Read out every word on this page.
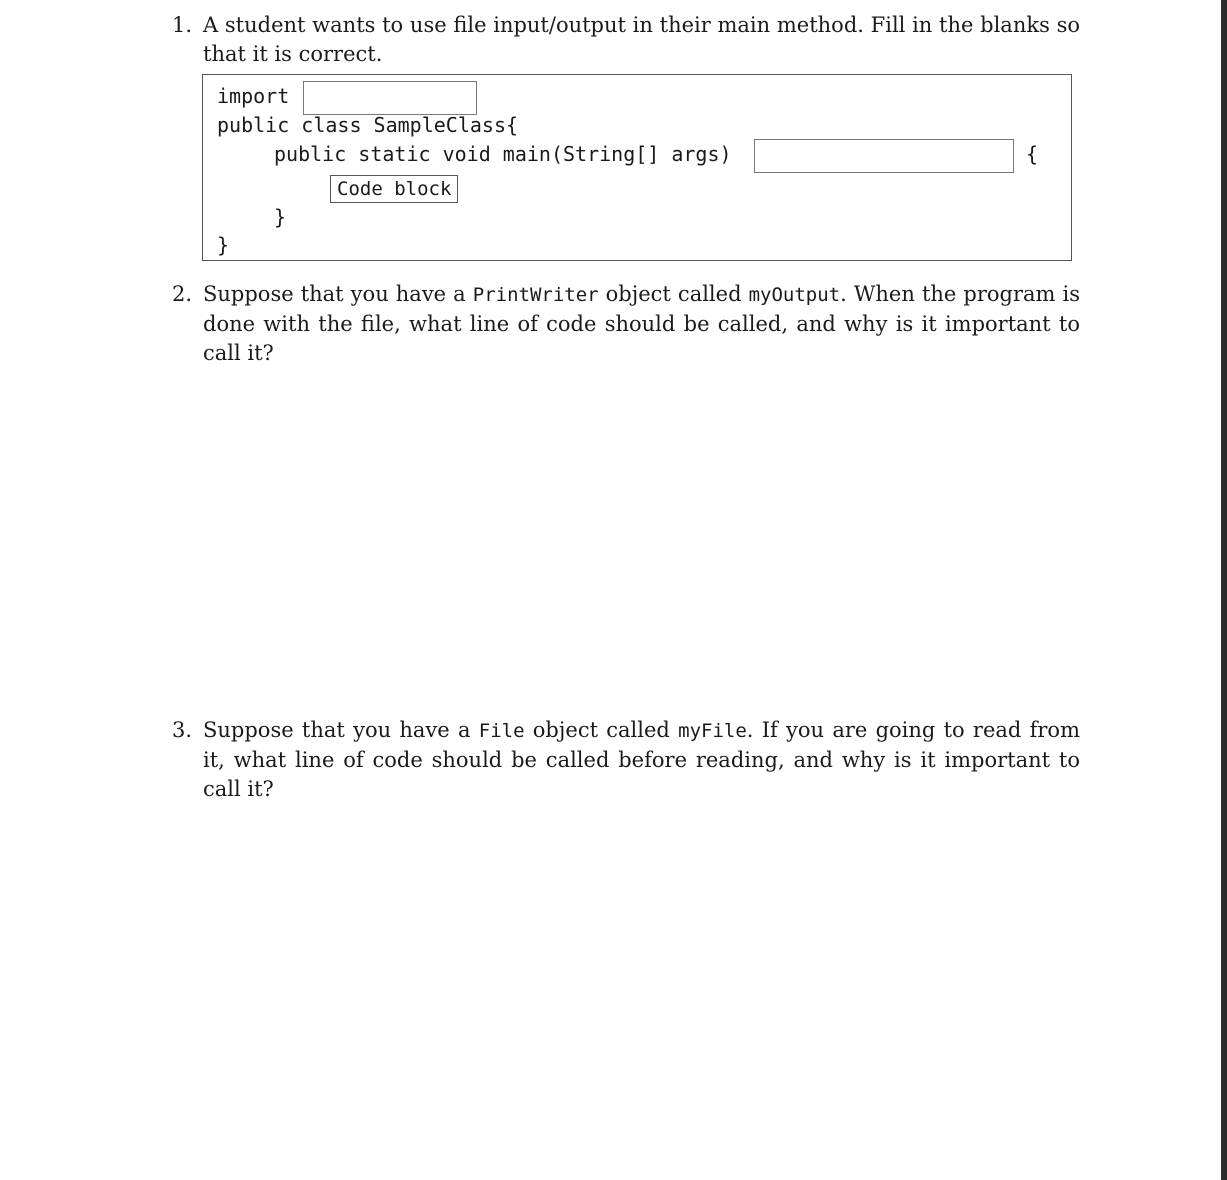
1. A student wants to use file input/output in their main method. Fill in the blanks so that it is correct.
import
public class SampleClass{
public static void main(String[] args)	{
Code block
}
}
2. Suppose that you have a PrintWriter object called myOutput. When the program is done with the file, what line of code should be called, and why is it important to call it?
3. Suppose that you have a File object called myFile. If you are going to read from it, what line of code should be called before reading, and why is it important to call it?
